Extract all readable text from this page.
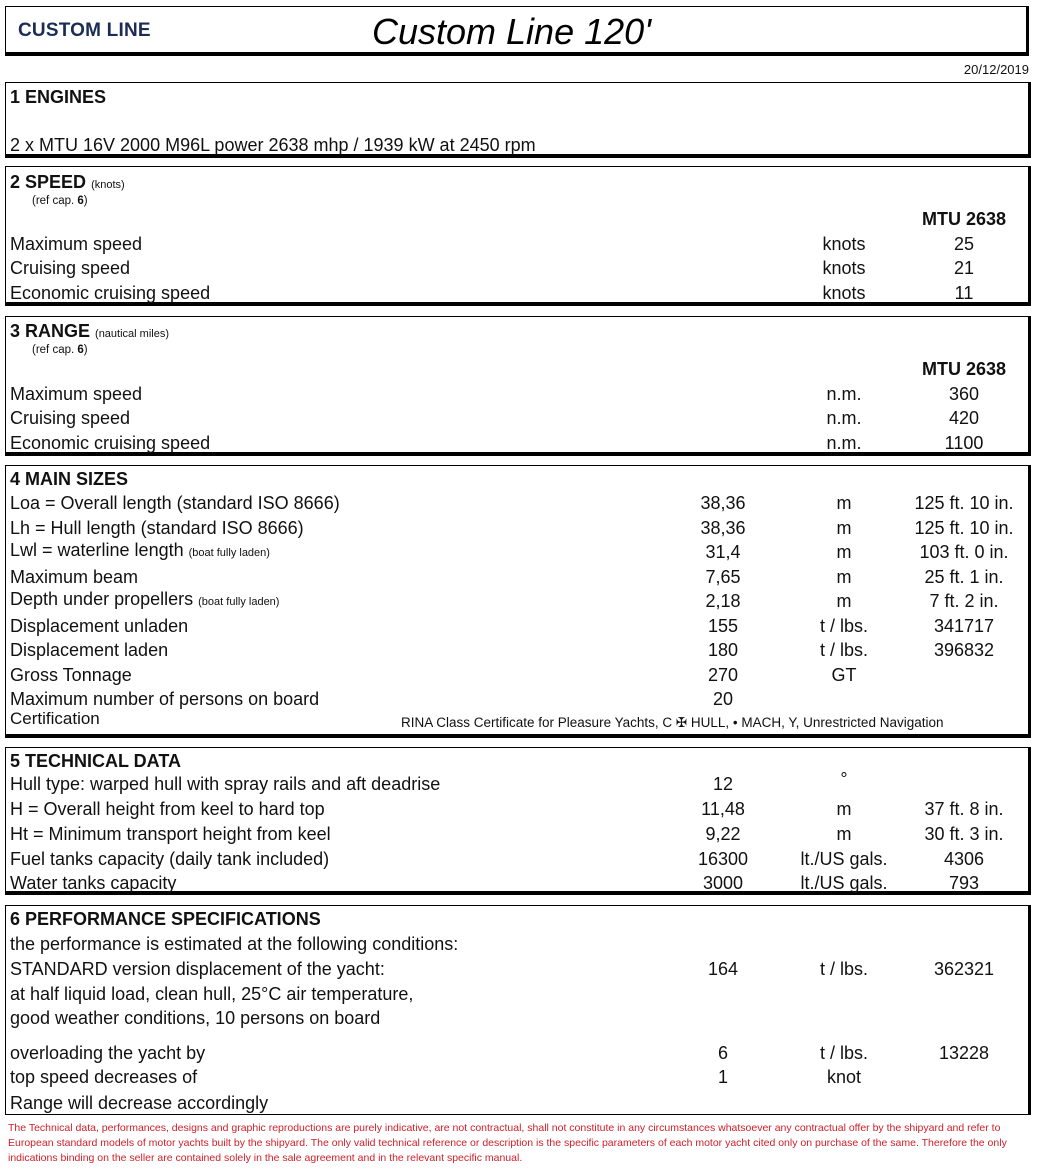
CUSTOM LINE	Custom Line 120'
20/12/2019
1 ENGINES
2 x MTU 16V 2000 M96L power 2638 mhp / 1939 kW at 2450 rpm
2 SPEED (knots)
(ref cap. 6)
MTU 2638
Maximum speed	knots	25
Cruising speed	knots	21
Economic cruising speed	knots	11
3 RANGE (nautical miles)
(ref cap. 6)
MTU 2638
Maximum speed	n.m.	360
Cruising speed	n.m.	420
Economic cruising speed	n.m.	1100
4 MAIN SIZES
Loa = Overall length (standard ISO 8666)	38,36	m	125 ft. 10 in.
Lh = Hull length (standard ISO 8666)	38,36	m	125 ft. 10 in.
Lwl = waterline length (boat fully laden)	31,4	m	103 ft. 0 in.
Maximum beam	7,65	m	25 ft. 1 in.
Depth under propellers (boat fully laden)	2,18	m	7 ft. 2 in.
Displacement unladen	155	t / lbs.	341717
Displacement laden	180	t / lbs.	396832
Gross Tonnage	270	GT
Maximum number of persons on board	20
Certification	RINA Class Certificate for Pleasure Yachts, C ✠ HULL, • MACH, Y, Unrestricted Navigation
5 TECHNICAL DATA
Hull type: warped hull with spray rails and aft deadrise	12	°
H = Overall height from keel to hard top	11,48	m	37 ft. 8 in.
Ht = Minimum transport height from keel	9,22	m	30 ft. 3 in.
Fuel tanks capacity (daily tank included)	16300	lt./US gals.	4306
Water tanks capacity	3000	lt./US gals.	793
6 PERFORMANCE SPECIFICATIONS
the performance is estimated at the following conditions:
STANDARD version displacement of the yacht:	164	t / lbs.	362321
at half liquid load, clean hull, 25°C air temperature,
good weather conditions, 10 persons on board
overloading the yacht by	6	t / lbs.	13228
top speed decreases of	1	knot
Range will decrease accordingly
The Technical data, performances, designs and graphic reproductions are purely indicative, are not contractual, shall not constitute in any circumstances whatsoever any contractual offer by the shipyard and refer to European standard models of motor yachts built by the shipyard. The only valid technical reference or description is the specific parameters of each motor yacht cited only on purchase of the same. Therefore the only indications binding on the seller are contained solely in the sale agreement and in the relevant specific manual.
